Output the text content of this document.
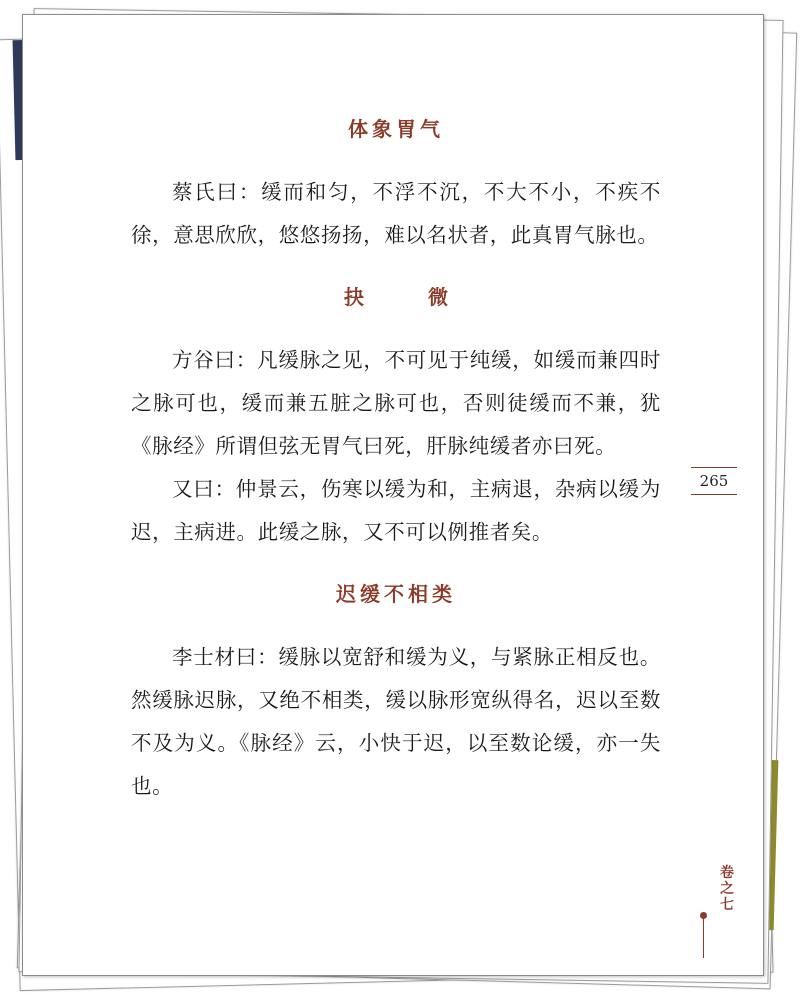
体象胃气

蔡氏曰：缓而和匀，不浮不沉，不大不小，不疾不徐，意思欣欣，悠悠扬扬，难以名状者，此真胃气脉也。

抉　微

方谷曰：凡缓脉之见，不可见于纯缓，如缓而兼四时之脉可也，缓而兼五脏之脉可也，否则徒缓而不兼，犹《脉经》所谓但弦无胃气曰死，肝脉纯缓者亦曰死。

又曰：仲景云，伤寒以缓为和，主病退，杂病以缓为迟，主病进。此缓之脉，又不可以例推者矣。

迟缓不相类

李士材曰：缓脉以宽舒和缓为义，与紧脉正相反也。然缓脉迟脉，又绝不相类，缓以脉形宽纵得名，迟以至数不及为义。《脉经》云，小快于迟，以至数论缓，亦一失也。

265
卷之七
